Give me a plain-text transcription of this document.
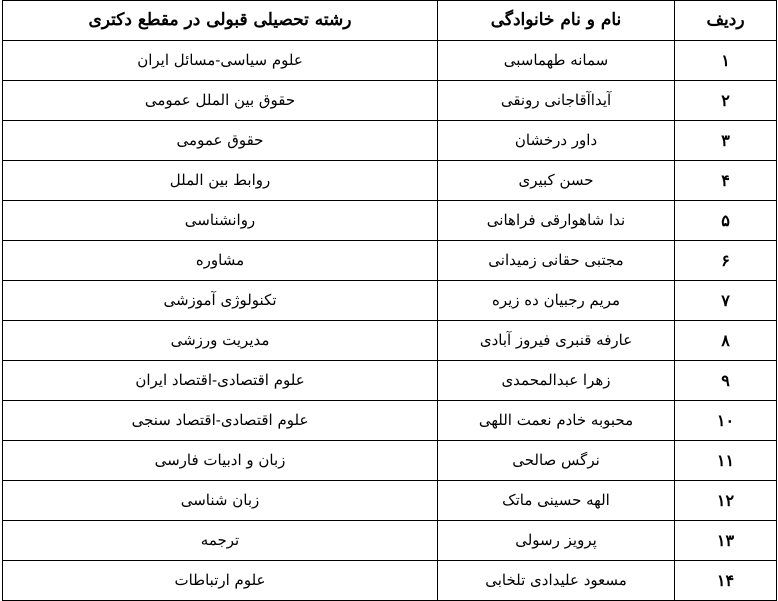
ردیف	نام و نام خانوادگی	رشته تحصیلی قبولی در مقطع دکتری
۱	سمانه طهماسبی	علوم سیاسی-مسائل ایران
۲	آیداآقاجانی رونقی	حقوق بین الملل عمومی
۳	داور درخشان	حقوق عمومی
۴	حسن کبیری	روابط بین الملل
۵	ندا شاهوارقی فراهانی	روانشناسی
۶	مجتبی حقانی زمیدانی	مشاوره
۷	مریم رجبیان ده زیره	تکنولوژی آموزشی
۸	عارفه قنبری فیروز آبادی	مدیریت ورزشی
۹	زهرا عبدالمحمدی	علوم اقتصادی-اقتصاد ایران
۱۰	محبوبه خادم نعمت اللهی	علوم اقتصادی-اقتصاد سنجی
۱۱	نرگس صالحی	زبان و ادبیات فارسی
۱۲	الهه حسینی ماتک	زبان شناسی
۱۳	پرویز رسولی	ترجمه
۱۴	مسعود علیدادی تلخابی	علوم ارتباطات
